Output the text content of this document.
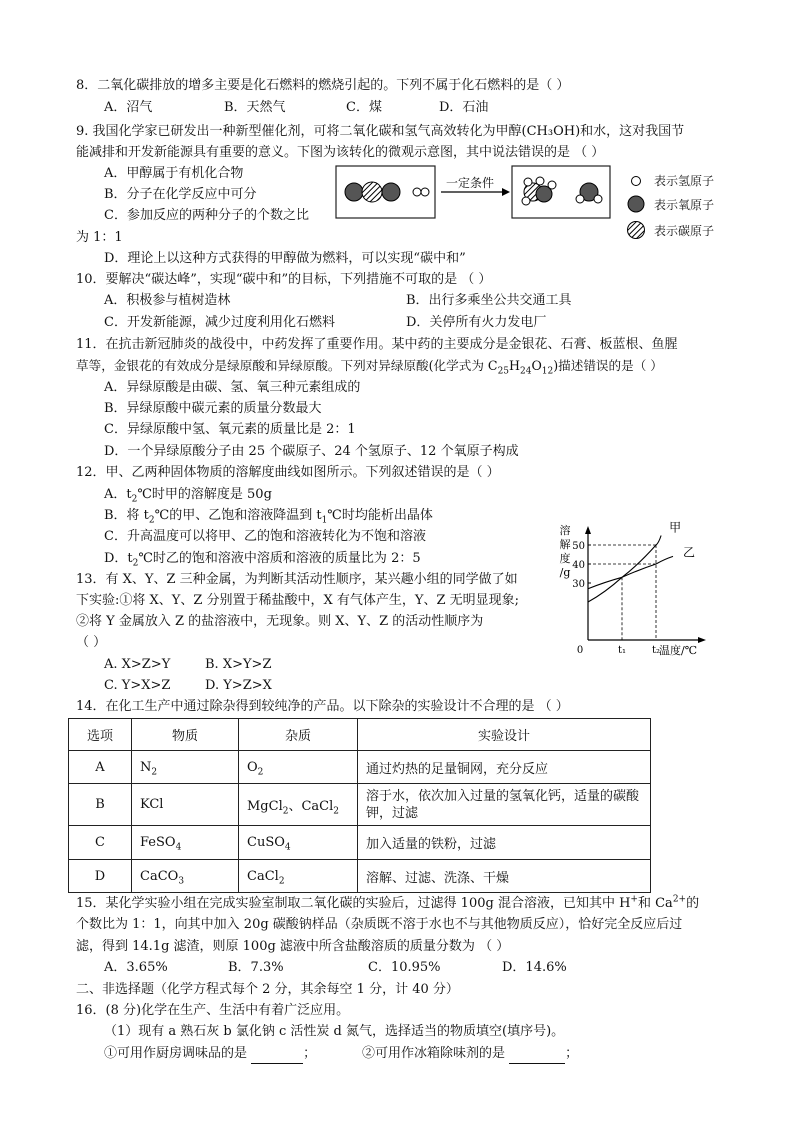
8．二氧化碳排放的增多主要是化石燃料的燃烧引起的。下列不属于化石燃料的是（ ）
A．沼气	B．天然气	C．煤	D．石油
9. 我国化学家已研发出一种新型催化剂，可将二氧化碳和氢气高效转化为甲醇(CH₃OH)和水，这对我国节
能减排和开发新能源具有重要的意义。下图为该转化的微观示意图，其中说法错误的是 （ ）
A．甲醇属于有机化合物
B．分子在化学反应中可分
C．参加反应的两种分子的个数之比
为 1：1
D．理论上以这种方式获得的甲醇做为燃料，可以实现“碳中和”
一定条件	表示氢原子
表示氧原子
表示碳原子
10．要解决“碳达峰”，实现“碳中和”的目标，下列措施不可取的是 （ ）
A．积极参与植树造林	B．出行多乘坐公共交通工具
C．开发新能源，减少过度利用化石燃料	D．关停所有火力发电厂
11．在抗击新冠肺炎的战役中，中药发挥了重要作用。某中药的主要成分是金银花、石膏、板蓝根、鱼腥
草等，金银花的有效成分是绿原酸和异绿原酸。下列对异绿原酸(化学式为 $C_{25}H_{24}O_{12}$)描述错误的是（ ）
A．异绿原酸是由碳、氢、氧三种元素组成的
B．异绿原酸中碳元素的质量分数最大
C．异绿原酸中氢、氧元素的质量比是 2：1
D．一个异绿原酸分子由 25 个碳原子、24 个氢原子、12 个氧原子构成
12．甲、乙两种固体物质的溶解度曲线如图所示。下列叙述错误的是（ ）
A．$t_2℃$时甲的溶解度是 50g
B．将 $t_2℃$的甲、乙饱和溶液降温到 $t_1℃$时均能析出晶体
C．升高温度可以将甲、乙的饱和溶液转化为不饱和溶液
D．$t_2℃$时乙的饱和溶液中溶质和溶液的质量比为 2：5
溶
解
度
/g
30
40
50
0	t₁	t₂
温度/℃
甲
乙
13．有 X、Y、Z 三种金属，为判断其活动性顺序，某兴趣小组的同学做了如
下实验:①将 X、Y、Z 分别置于稀盐酸中，X 有气体产生，Y、Z 无明显现象;
②将 Y 金属放入 Z 的盐溶液中，无现象。则 X、Y、Z 的活动性顺序为
（ ）
A. X>Z>Y	B. X>Y>Z
C. Y>X>Z	D. Y>Z>X
14．在化工生产中通过除杂得到较纯净的产品。以下除杂的实验设计不合理的是 （ ）
选项	物质	杂质	实验设计
A	$N_2$	$O_2$	通过灼热的足量铜网，充分反应
B	KCl	MgCl$_2$、CaCl$_2$	溶于水，依次加入过量的氢氧化钙，适量的碳酸
钾，过滤
C	FeSO$_4$	CuSO$_4$	加入适量的铁粉，过滤
D	CaCO$_3$	CaCl$_2$	溶解、过滤、洗涤、干燥
15．某化学实验小组在完成实验室制取二氧化碳的实验后，过滤得 100g 混合溶液，已知其中 H+和 $Ca^{2+}$的
个数比为 1：1，向其中加入 20g 碳酸钠样品（杂质既不溶于水也不与其他物质反应），恰好完全反应后过
滤，得到 14.1g 滤渣，则原 100g 滤液中所含盐酸溶质的质量分数为 （ ）
A．3.65%	B．7.3%	C．10.95%	D．14.6%
二、非选择题（化学方程式每个 2 分，其余每空 1 分，计 40 分）
16．(8 分)化学在生产、生活中有着广泛应用。
（1）现有 a 熟石灰 b 氯化钠 c 活性炭 d 氮气，选择适当的物质填空(填序号)。
①可用作厨房调味品的是	；	②可用作冰箱除味剂的是	；
